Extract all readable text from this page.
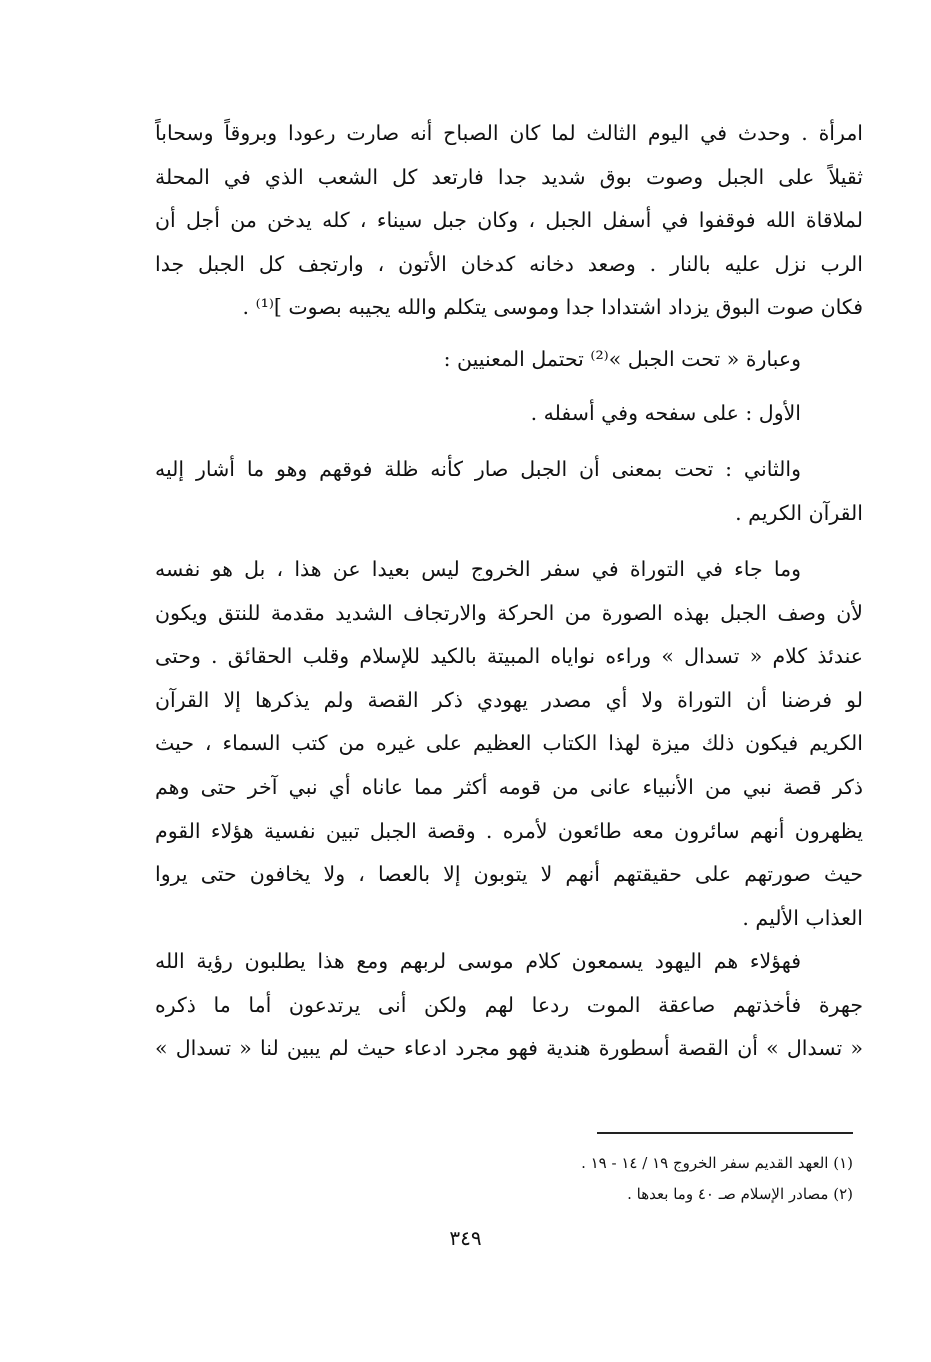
امرأة . وحدث في اليوم الثالث لما كان الصباح أنه صارت رعودا وبروقاً وسحاباً
ثقيلاً على الجبل وصوت بوق شديد جدا فارتعد كل الشعب الذي في المحلة
لملاقاة الله فوقفوا في أسفل الجبل ، وكان جبل سيناء ، كله يدخن من أجل أن
الرب نزل عليه بالنار . وصعد دخانه كدخان الأتون ، وارتجف كل الجبل جدا
فكان صوت البوق يزداد اشتدادا جدا وموسى يتكلم والله يجيبه بصوت ]⁽¹⁾ .
وعبارة « تحت الجبل »⁽²⁾ تحتمل المعنيين :
الأول : على سفحه وفي أسفله .
والثاني : تحت بمعنى أن الجبل صار كأنه ظلة فوقهم وهو ما أشار إليه
القرآن الكريم .
وما جاء في التوراة في سفر الخروج ليس بعيدا عن هذا ، بل هو نفسه
لأن وصف الجبل بهذه الصورة من الحركة والارتجاف الشديد مقدمة للنتق ويكون
عندئذ كلام « تسدال » وراءه نواياه المبيتة بالكيد للإسلام وقلب الحقائق . وحتى
لو فرضنا أن التوراة ولا أي مصدر يهودي ذكر القصة ولم يذكرها إلا القرآن
الكريم فيكون ذلك ميزة لهذا الكتاب العظيم على غيره من كتب السماء ، حيث
ذكر قصة نبي من الأنبياء عانى من قومه أكثر مما عاناه أي نبي آخر حتى وهم
يظهرون أنهم سائرون معه طائعون لأمره . وقصة الجبل تبين نفسية هؤلاء القوم
حيث صورتهم على حقيقتهم أنهم لا يتوبون إلا بالعصا ، ولا يخافون حتى يروا
العذاب الأليم .
فهؤلاء هم اليهود يسمعون كلام موسى لربهم ومع هذا يطلبون رؤية الله
جهرة فأخذتهم صاعقة الموت ردعا لهم ولكن أنى يرتدعون أما ما ذكره
« تسدال » أن القصة أسطورة هندية فهو مجرد ادعاء حيث لم يبين لنا « تسدال »
(١) العهد القديم سفر الخروج ١٩ / ١٤ - ١٩ .
(٢) مصادر الإسلام صـ ٤٠ وما بعدها .
٣٤٩
